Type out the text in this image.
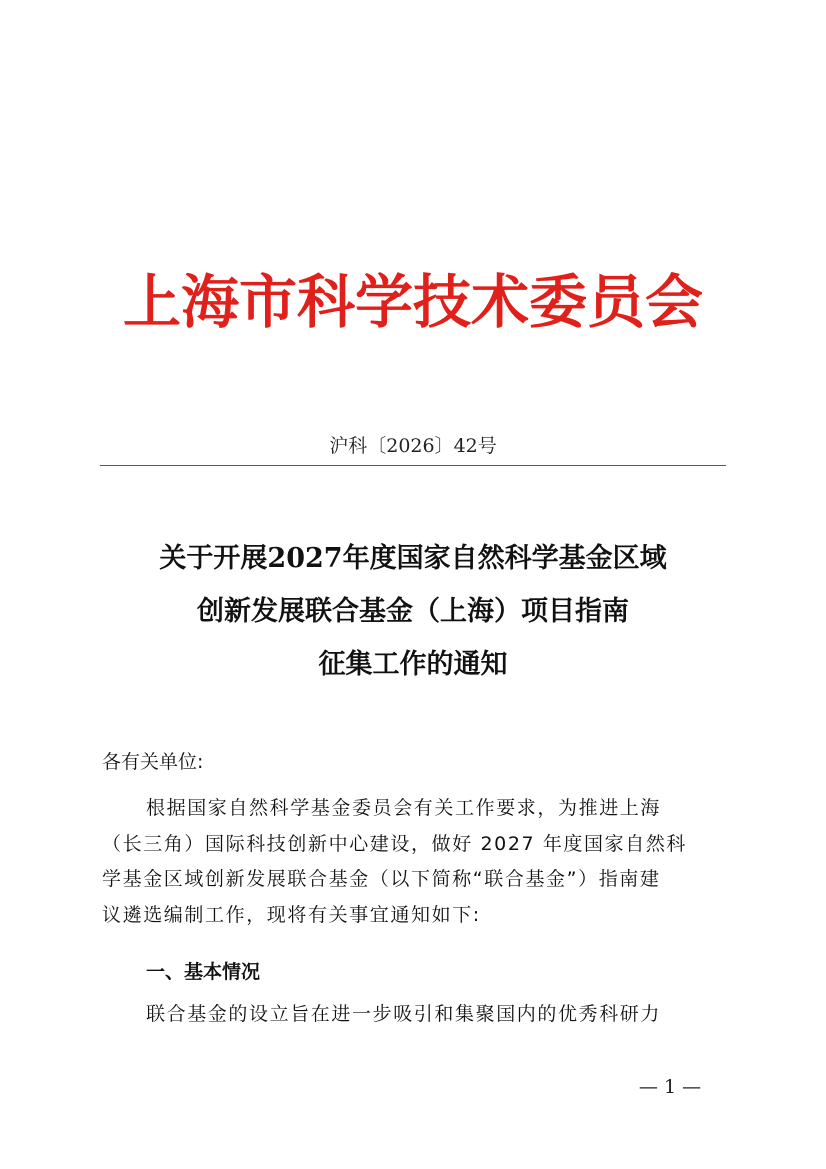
上海市科学技术委员会
沪科〔2026〕42号
关于开展2027年度国家自然科学基金区域
创新发展联合基金（上海）项目指南
征集工作的通知
各有关单位:
根据国家自然科学基金委员会有关工作要求，为推进上海
（长三角）国际科技创新中心建设，做好 2027 年度国家自然科
学基金区域创新发展联合基金（以下简称“联合基金”）指南建
议遴选编制工作，现将有关事宜通知如下:
一、基本情况
联合基金的设立旨在进一步吸引和集聚国内的优秀科研力
— 1 —
